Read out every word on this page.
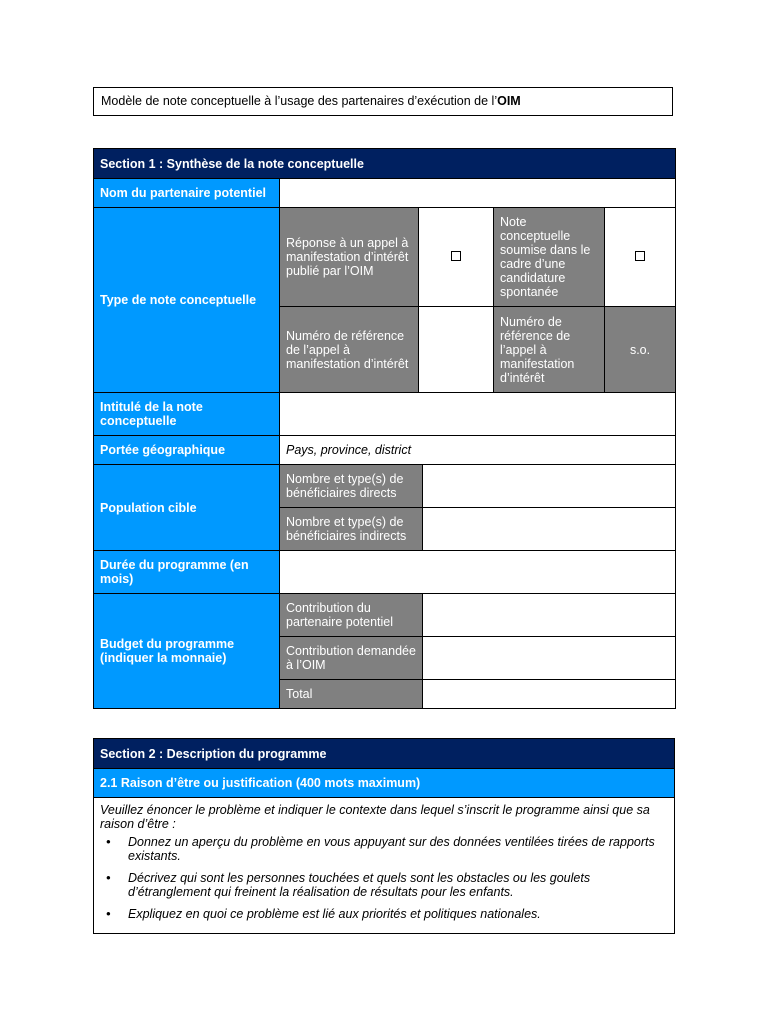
Modèle de note conceptuelle à l’usage des partenaires d’exécution de l’OIM
Section 1 : Synthèse de la note conceptuelle					
Nom du partenaire potentiel					
Type de note conceptuelle	Réponse à un appel à manifestation d’intérêt publié par l’OIM			Note conceptuelle soumise dans le cadre d’une candidature spontanée	
	Numéro de référence de l’appel à manifestation d’intérêt			Numéro de référence de l’appel à manifestation d’intérêt	s.o.
Intitulé de la note conceptuelle					
Portée géographique	Pays, province, district				
Population cible	Nombre et type(s) de bénéficiaires directs				
	Nombre et type(s) de bénéficiaires indirects				
Durée du programme (en mois)					
Budget du programme (indiquer la monnaie)	Contribution du partenaire potentiel				
	Contribution demandée à l’OIM				
	Total				
Section 2 : Description du programme
2.1 Raison d’être ou justification (400 mots maximum)

Veuillez énoncer le problème et indiquer le contexte dans lequel s’inscrit le programme ainsi que sa raison d’être :
• Donnez un aperçu du problème en vous appuyant sur des données ventilées tirées de rapports existants.
• Décrivez qui sont les personnes touchées et quels sont les obstacles ou les goulets d’étranglement qui freinent la réalisation de résultats pour les enfants.
• Expliquez en quoi ce problème est lié aux priorités et politiques nationales.
